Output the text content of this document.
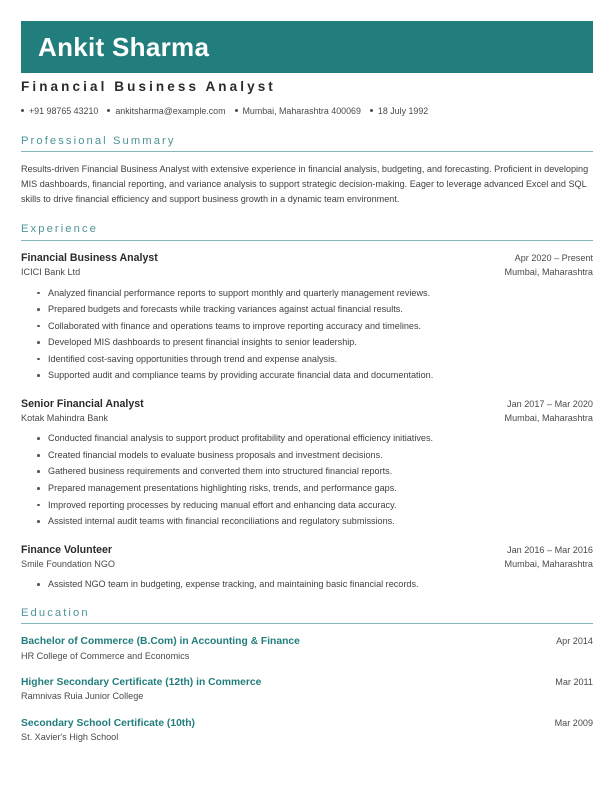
Ankit Sharma
Financial Business Analyst
+91 98765 43210 ankitsharma@example.com Mumbai, Maharashtra 400069 18 July 1992
Professional Summary

Results-driven Financial Business Analyst with extensive experience in financial analysis, budgeting, and forecasting. Proficient in developing MIS dashboards, financial reporting, and variance analysis to support strategic decision-making. Eager to leverage advanced Excel and SQL skills to drive financial efficiency and support business growth in a dynamic team environment.

Experience
Financial Business Analyst	Apr 2020 – Present
ICICI Bank Ltd	Mumbai, Maharashtra
Analyzed financial performance reports to support monthly and quarterly management reviews.
Prepared budgets and forecasts while tracking variances against actual financial results.
Collaborated with finance and operations teams to improve reporting accuracy and timelines.
Developed MIS dashboards to present financial insights to senior leadership.
Identified cost-saving opportunities through trend and expense analysis.
Supported audit and compliance teams by providing accurate financial data and documentation.
Senior Financial Analyst	Jan 2017 – Mar 2020
Kotak Mahindra Bank	Mumbai, Maharashtra
Conducted financial analysis to support product profitability and operational efficiency initiatives.
Created financial models to evaluate business proposals and investment decisions.
Gathered business requirements and converted them into structured financial reports.
Prepared management presentations highlighting risks, trends, and performance gaps.
Improved reporting processes by reducing manual effort and enhancing data accuracy.
Assisted internal audit teams with financial reconciliations and regulatory submissions.
Finance Volunteer	Jan 2016 – Mar 2016
Smile Foundation NGO	Mumbai, Maharashtra
Assisted NGO team in budgeting, expense tracking, and maintaining basic financial records.
Education
Bachelor of Commerce (B.Com) in Accounting & Finance	Apr 2014
HR College of Commerce and Economics
Higher Secondary Certificate (12th) in Commerce	Mar 2011
Ramnivas Ruia Junior College
Secondary School Certificate (10th)	Mar 2009
St. Xavier's High School
